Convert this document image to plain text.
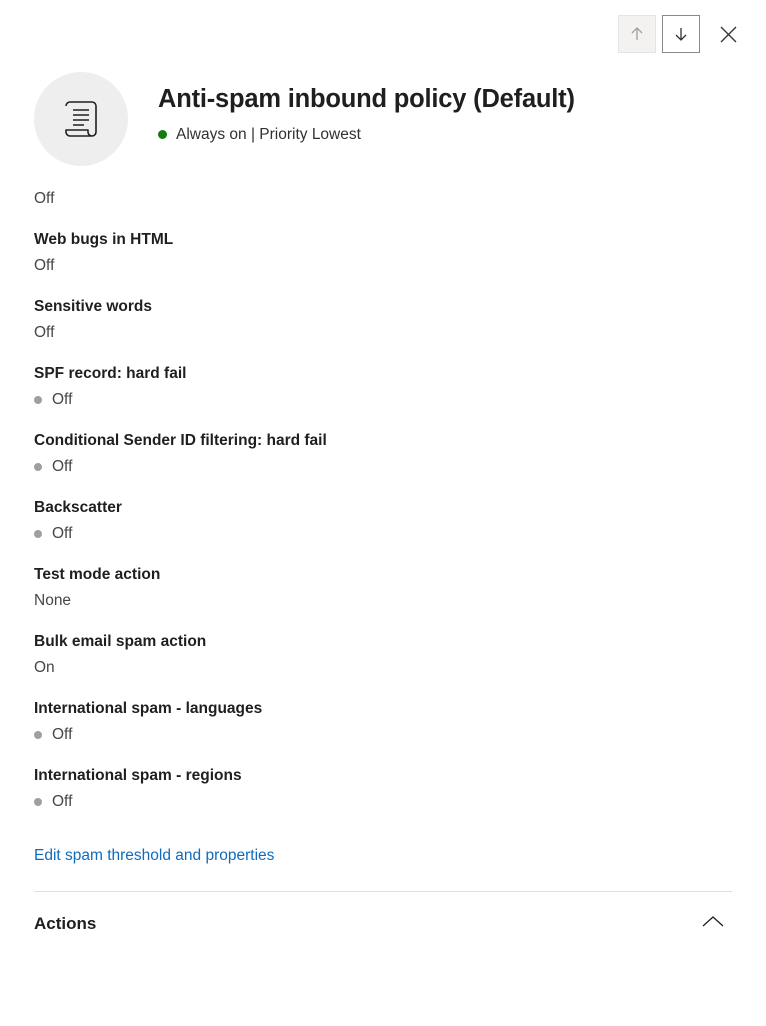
Anti-spam inbound policy (Default)
Always on | Priority Lowest
Off
Web bugs in HTML
Off
Sensitive words
Off
SPF record: hard fail
Off
Conditional Sender ID filtering: hard fail
Off
Backscatter
Off
Test mode action
None
Bulk email spam action
On
International spam - languages
Off
International spam - regions
Off
Edit spam threshold and properties
Actions
